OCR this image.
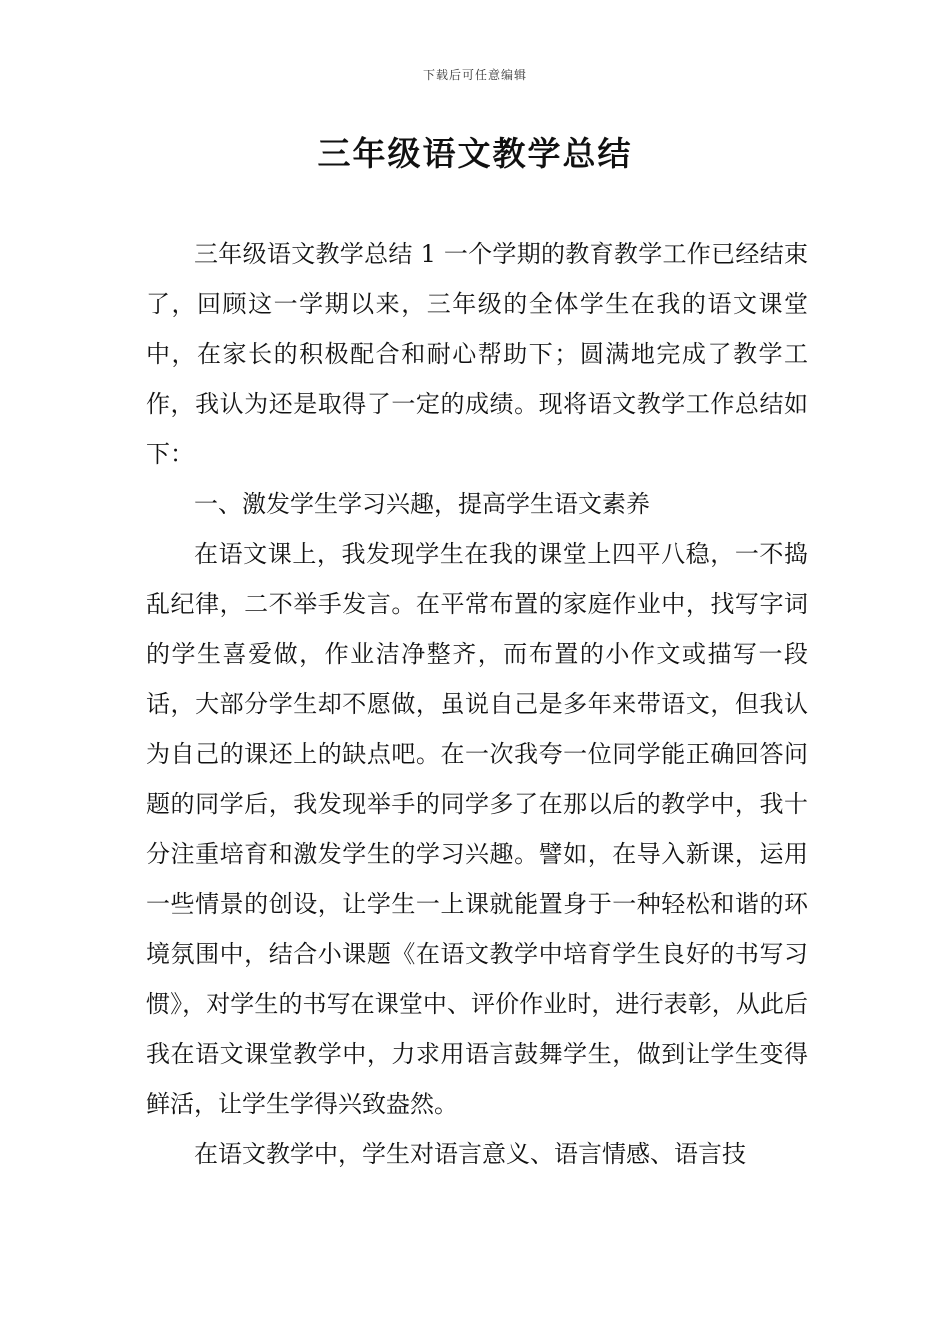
下载后可任意编辑
三年级语文教学总结

三年级语文教学总结 1 一个学期的教育教学工作已经结束了，回顾这一学期以来，三年级的全体学生在我的语文课堂中，在家长的积极配合和耐心帮助下；圆满地完成了教学工作，我认为还是取得了一定的成绩。现将语文教学工作总结如下：

一、激发学生学习兴趣，提高学生语文素养

在语文课上，我发现学生在我的课堂上四平八稳，一不捣乱纪律，二不举手发言。在平常布置的家庭作业中，找写字词的学生喜爱做，作业洁净整齐，而布置的小作文或描写一段话，大部分学生却不愿做，虽说自己是多年来带语文，但我认为自己的课还上的缺点吧。在一次我夸一位同学能正确回答问题的同学后，我发现举手的同学多了在那以后的教学中，我十分注重培育和激发学生的学习兴趣。譬如，在导入新课，运用一些情景的创设，让学生一上课就能置身于一种轻松和谐的环境氛围中，结合小课题《在语文教学中培育学生良好的书写习惯》，对学生的书写在课堂中、评价作业时，进行表彰，从此后我在语文课堂教学中，力求用语言鼓舞学生，做到让学生变得鲜活，让学生学得兴致盎然。

在语文教学中，学生对语言意义、语言情感、语言技
